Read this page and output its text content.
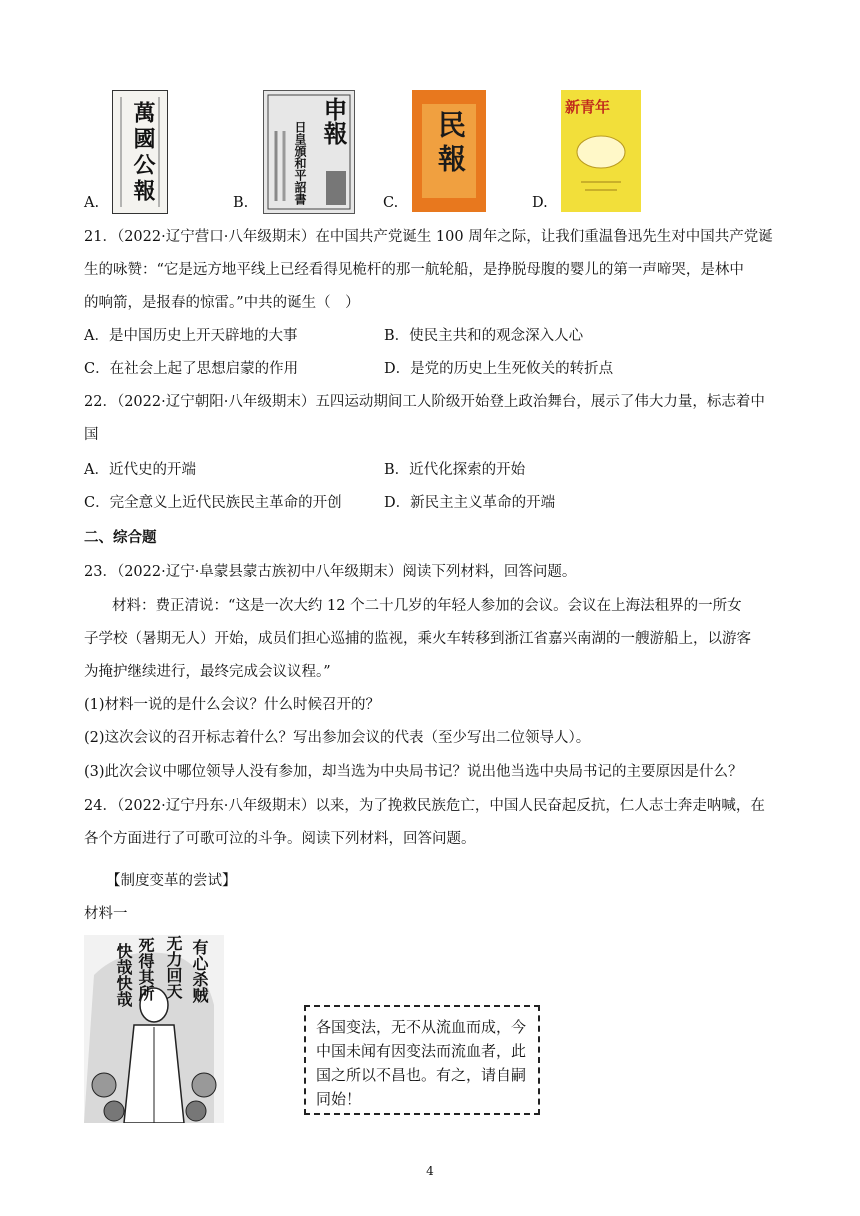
萬國公報
A.
申報
日皇頒和平詔書
B.
民報
C.
新青年
D.
21．（2022·辽宁营口·八年级期末）在中国共产党诞生 100 周年之际，让我们重温鲁迅先生对中国共产党诞
生的咏赞：“它是远方地平线上已经看得见桅杆的那一航轮船，是挣脱母腹的婴儿的第一声啼哭，是林中
的响箭，是报春的惊雷。”中共的诞生（　）
A．是中国历史上开天辟地的大事	B．使民主共和的观念深入人心
C．在社会上起了思想启蒙的作用	D．是党的历史上生死攸关的转折点
22．（2022·辽宁朝阳·八年级期末）五四运动期间工人阶级开始登上政治舞台，展示了伟大力量，标志着中
国
A．近代史的开端	B．近代化探索的开始
C．完全意义上近代民族民主革命的开创	D．新民主主义革命的开端
二、综合题
23．（2022·辽宁·阜蒙县蒙古族初中八年级期末）阅读下列材料，回答问题。
材料：费正清说：“这是一次大约 12 个二十几岁的年轻人参加的会议。会议在上海法租界的一所女
子学校（暑期无人）开始，成员们担心巡捕的监视，乘火车转移到浙江省嘉兴南湖的一艘游船上，以游客
为掩护继续进行，最终完成会议议程。”
(1)材料一说的是什么会议？什么时候召开的？
(2)这次会议的召开标志着什么？写出参加会议的代表（至少写出二位领导人）。
(3)此次会议中哪位领导人没有参加，却当选为中央局书记？说出他当选中央局书记的主要原因是什么？
24．（2022·辽宁丹东·八年级期末）以来，为了挽救民族危亡，中国人民奋起反抗，仁人志士奔走呐喊，在
各个方面进行了可歌可泣的斗争。阅读下列材料，回答问题。
【制度变革的尝试】
材料一
快哉快哉 死得其所 无力回天 有心杀贼
各国变法，无不从流血而成，今中国未闻有因变法而流血者，此国之所以不昌也。有之，请自嗣同始！
4
